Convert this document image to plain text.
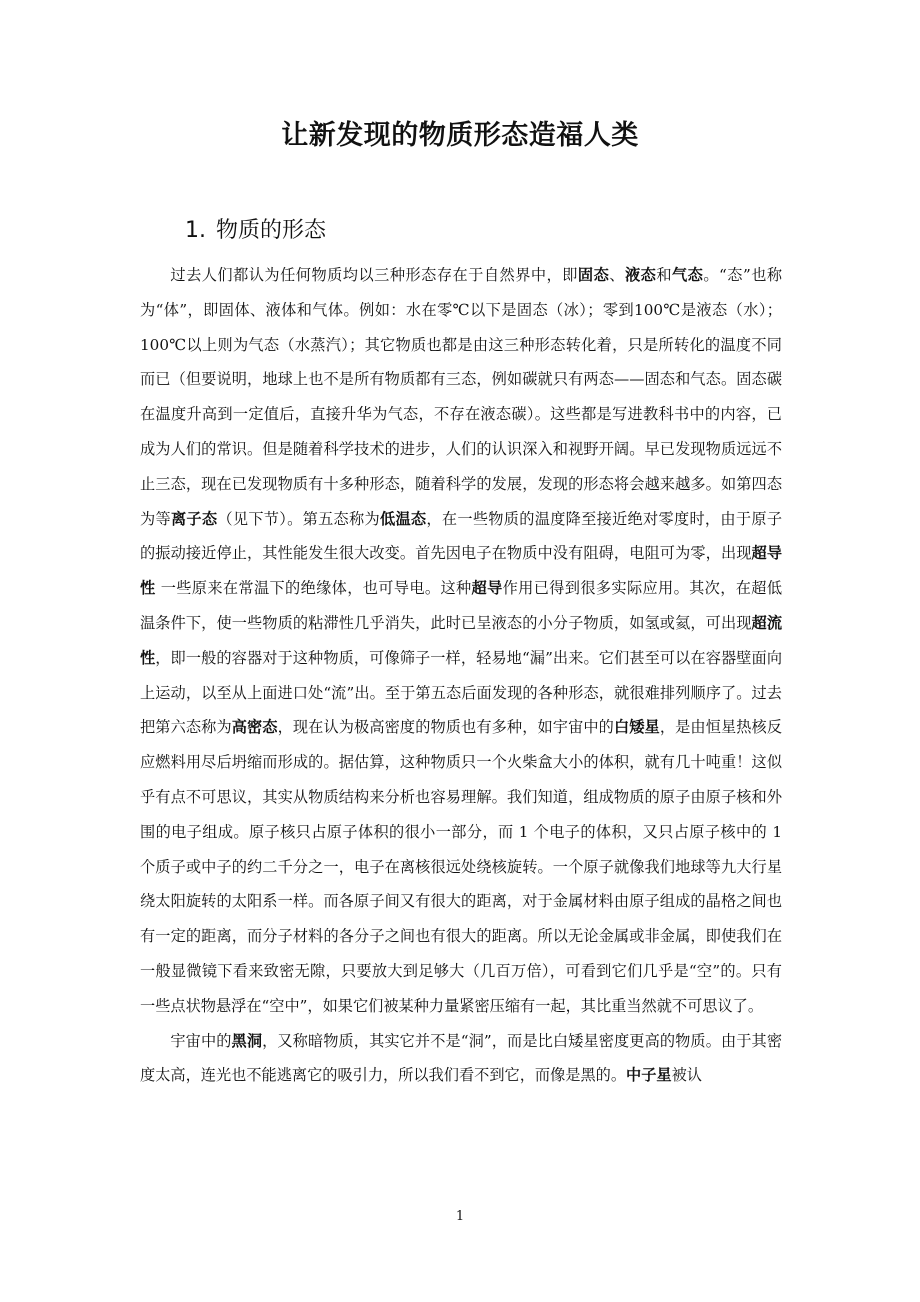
让新发现的物质形态造福人类
1. 物质的形态

过去人们都认为任何物质均以三种形态存在于自然界中，即固态、液态和气态。“态”也称为“体”，即固体、液体和气体。例如：水在零℃以下是固态（冰）；零到100℃是液态（水）；100℃以上则为气态（水蒸汽）；其它物质也都是由这三种形态转化着，只是所转化的温度不同而已（但要说明，地球上也不是所有物质都有三态，例如碳就只有两态——固态和气态。固态碳在温度升高到一定值后，直接升华为气态，不存在液态碳）。这些都是写进教科书中的内容，已成为人们的常识。但是随着科学技术的进步，人们的认识深入和视野开阔。早已发现物质远远不止三态，现在已发现物质有十多种形态，随着科学的发展，发现的形态将会越来越多。如第四态为等离子态（见下节）。第五态称为低温态，在一些物质的温度降至接近绝对零度时，由于原子的振动接近停止，其性能发生很大改变。首先因电子在物质中没有阻碍，电阻可为零，出现超导性 一些原来在常温下的绝缘体，也可导电。这种超导作用已得到很多实际应用。其次，在超低温条件下，使一些物质的粘滞性几乎消失，此时已呈液态的小分子物质，如氢或氦，可出现超流性，即一般的容器对于这种物质，可像筛子一样，轻易地“漏”出来。它们甚至可以在容器壁面向上运动，以至从上面进口处“流”出。至于第五态后面发现的各种形态，就很难排列顺序了。过去把第六态称为高密态，现在认为极高密度的物质也有多种，如宇宙中的白矮星，是由恒星热核反应燃料用尽后坍缩而形成的。据估算，这种物质只一个火柴盒大小的体积，就有几十吨重！这似乎有点不可思议，其实从物质结构来分析也容易理解。我们知道，组成物质的原子由原子核和外围的电子组成。原子核只占原子体积的很小一部分，而 1 个电子的体积，又只占原子核中的 1 个质子或中子的约二千分之一，电子在离核很远处绕核旋转。一个原子就像我们地球等九大行星绕太阳旋转的太阳系一样。而各原子间又有很大的距离，对于金属材料由原子组成的晶格之间也有一定的距离，而分子材料的各分子之间也有很大的距离。所以无论金属或非金属，即使我们在一般显微镜下看来致密无隙，只要放大到足够大（几百万倍），可看到它们几乎是“空”的。只有一些点状物悬浮在“空中”，如果它们被某种力量紧密压缩有一起，其比重当然就不可思议了。

宇宙中的黑洞，又称暗物质，其实它并不是“洞”，而是比白矮星密度更高的物质。由于其密度太高，连光也不能逃离它的吸引力，所以我们看不到它，而像是黑的。中子星被认

1
